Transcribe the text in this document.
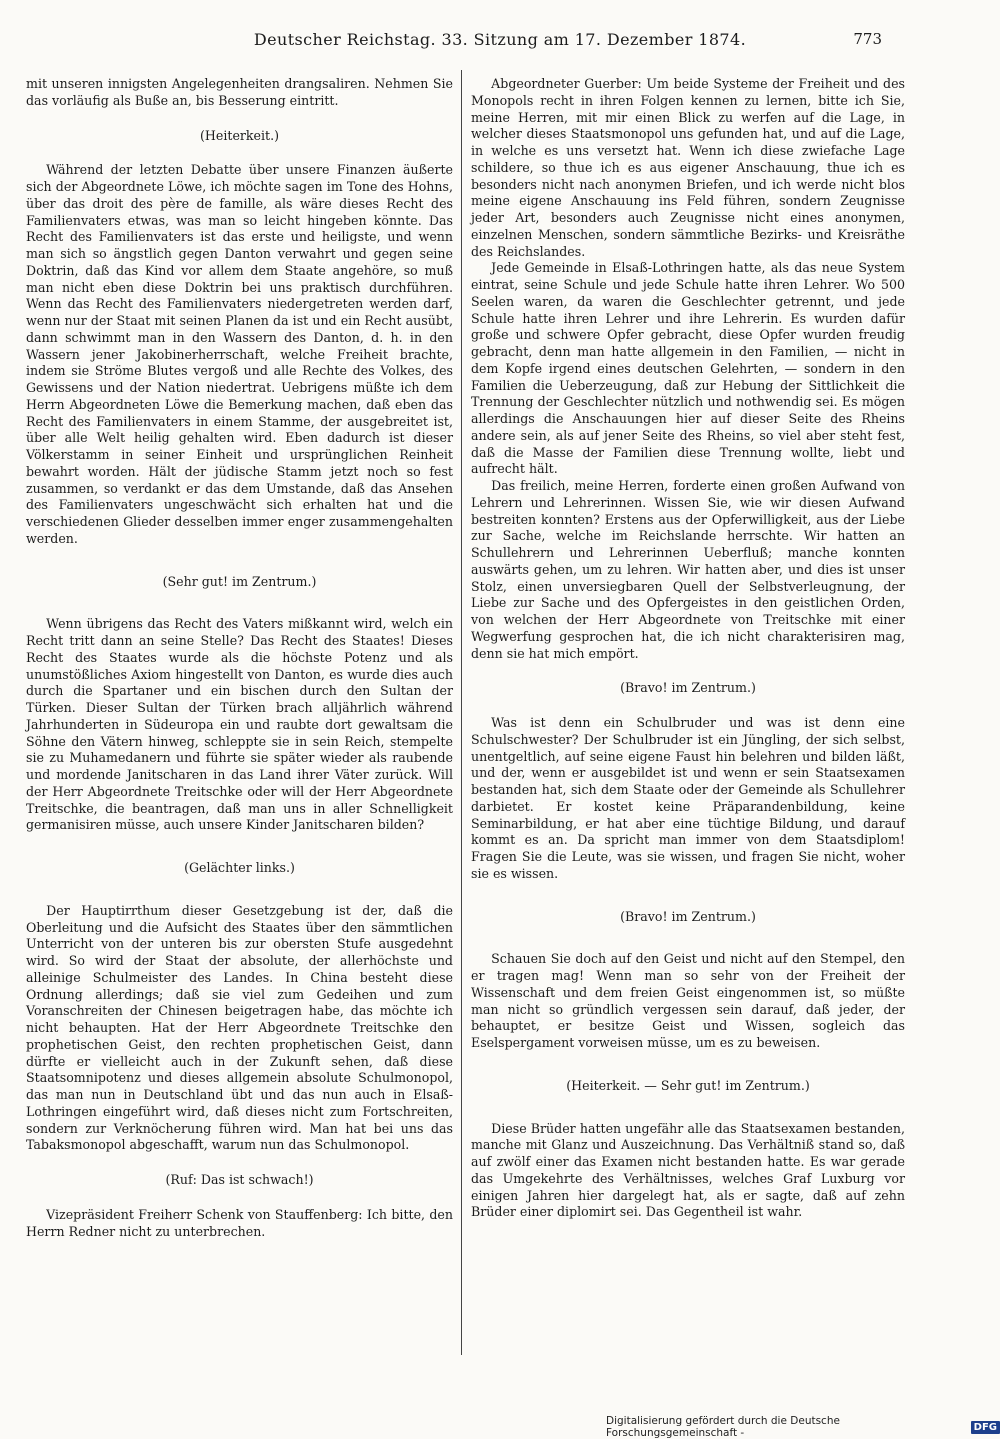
Deutscher Reichstag. 33. Sitzung am 17. Dezember 1874.	773

mit unseren innigsten Angelegenheiten drangsaliren. Nehmen Sie das vorläufig als Buße an, bis Besserung eintritt.

(Heiterkeit.)

Während der letzten Debatte über unsere Finanzen äußerte sich der Abgeordnete Löwe, ich möchte sagen im Tone des Hohns, über das droit des père de famille, als wäre dieses Recht des Familienvaters etwas, was man so leicht hingeben könnte. Das Recht des Familienvaters ist das erste und heiligste, und wenn man sich so ängstlich gegen Danton verwahrt und gegen seine Doktrin, daß das Kind vor allem dem Staate angehöre, so muß man nicht eben diese Doktrin bei uns praktisch durchführen. Wenn das Recht des Familienvaters niedergetreten werden darf, wenn nur der Staat mit seinen Planen da ist und ein Recht ausübt, dann schwimmt man in den Wassern des Danton, d. h. in den Wassern jener Jakobinerherrschaft, welche Freiheit brachte, indem sie Ströme Blutes vergoß und alle Rechte des Volkes, des Gewissens und der Nation niedertrat. Uebrigens müßte ich dem Herrn Abgeordneten Löwe die Bemerkung machen, daß eben das Recht des Familienvaters in einem Stamme, der ausgebreitet ist, über alle Welt heilig gehalten wird. Eben dadurch ist dieser Völkerstamm in seiner Einheit und ursprünglichen Reinheit bewahrt worden. Hält der jüdische Stamm jetzt noch so fest zusammen, so verdankt er das dem Umstande, daß das Ansehen des Familienvaters ungeschwächt sich erhalten hat und die verschiedenen Glieder desselben immer enger zusammengehalten werden.

(Sehr gut! im Zentrum.)

Wenn übrigens das Recht des Vaters mißkannt wird, welch ein Recht tritt dann an seine Stelle? Das Recht des Staates! Dieses Recht des Staates wurde als die höchste Potenz und als unumstößliches Axiom hingestellt von Danton, es wurde dies auch durch die Spartaner und ein bischen durch den Sultan der Türken. Dieser Sultan der Türken brach alljährlich während Jahrhunderten in Südeuropa ein und raubte dort gewaltsam die Söhne den Vätern hinweg, schleppte sie in sein Reich, stempelte sie zu Muhamedanern und führte sie später wieder als raubende und mordende Janitscharen in das Land ihrer Väter zurück. Will der Herr Abgeordnete Treitschke oder will der Herr Abgeordnete Treitschke, die beantragen, daß man uns in aller Schnelligkeit germanisiren müsse, auch unsere Kinder Janitscharen bilden?

(Gelächter links.)

Der Hauptirrthum dieser Gesetzgebung ist der, daß die Oberleitung und die Aufsicht des Staates über den sämmtlichen Unterricht von der unteren bis zur obersten Stufe ausgedehnt wird. So wird der Staat der absolute, der allerhöchste und alleinige Schulmeister des Landes. In China besteht diese Ordnung allerdings; daß sie viel zum Gedeihen und zum Voranschreiten der Chinesen beigetragen habe, das möchte ich nicht behaupten. Hat der Herr Abgeordnete Treitschke den prophetischen Geist, den rechten prophetischen Geist, dann dürfte er vielleicht auch in der Zukunft sehen, daß diese Staatsomnipotenz und dieses allgemein absolute Schulmonopol, das man nun in Deutschland übt und das nun auch in Elsaß-Lothringen eingeführt wird, daß dieses nicht zum Fortschreiten, sondern zur Verknöcherung führen wird. Man hat bei uns das Tabaksmonopol abgeschafft, warum nun das Schulmonopol.

(Ruf: Das ist schwach!)

Vizepräsident Freiherr Schenk von Stauffenberg: Ich bitte, den Herrn Redner nicht zu unterbrechen.

Abgeordneter Guerber: Um beide Systeme der Freiheit und des Monopols recht in ihren Folgen kennen zu lernen, bitte ich Sie, meine Herren, mit mir einen Blick zu werfen auf die Lage, in welcher dieses Staatsmonopol uns gefunden hat, und auf die Lage, in welche es uns versetzt hat. Wenn ich diese zwiefache Lage schildere, so thue ich es aus eigener Anschauung, thue ich es besonders nicht nach anonymen Briefen, und ich werde nicht blos meine eigene Anschauung ins Feld führen, sondern Zeugnisse jeder Art, besonders auch Zeugnisse nicht eines anonymen, einzelnen Menschen, sondern sämmtliche Bezirks- und Kreisräthe des Reichslandes.

Jede Gemeinde in Elsaß-Lothringen hatte, als das neue System eintrat, seine Schule und jede Schule hatte ihren Lehrer. Wo 500 Seelen waren, da waren die Geschlechter getrennt, und jede Schule hatte ihren Lehrer und ihre Lehrerin. Es wurden dafür große und schwere Opfer gebracht, diese Opfer wurden freudig gebracht, denn man hatte allgemein in den Familien, — nicht in dem Kopfe irgend eines deutschen Gelehrten, — sondern in den Familien die Ueberzeugung, daß zur Hebung der Sittlichkeit die Trennung der Geschlechter nützlich und nothwendig sei. Es mögen allerdings die Anschauungen hier auf dieser Seite des Rheins andere sein, als auf jener Seite des Rheins, so viel aber steht fest, daß die Masse der Familien diese Trennung wollte, liebt und aufrecht hält.

Das freilich, meine Herren, forderte einen großen Aufwand von Lehrern und Lehrerinnen. Wissen Sie, wie wir diesen Aufwand bestreiten konnten? Erstens aus der Opferwilligkeit, aus der Liebe zur Sache, welche im Reichslande herrschte. Wir hatten an Schullehrern und Lehrerinnen Ueberfluß; manche konnten auswärts gehen, um zu lehren. Wir hatten aber, und dies ist unser Stolz, einen unversiegbaren Quell der Selbstverleugnung, der Liebe zur Sache und des Opfergeistes in den geistlichen Orden, von welchen der Herr Abgeordnete von Treitschke mit einer Wegwerfung gesprochen hat, die ich nicht charakterisiren mag, denn sie hat mich empört.

(Bravo! im Zentrum.)

Was ist denn ein Schulbruder und was ist denn eine Schulschwester? Der Schulbruder ist ein Jüngling, der sich selbst, unentgeltlich, auf seine eigene Faust hin belehren und bilden läßt, und der, wenn er ausgebildet ist und wenn er sein Staatsexamen bestanden hat, sich dem Staate oder der Gemeinde als Schullehrer darbietet. Er kostet keine Präparandenbildung, keine Seminarbildung, er hat aber eine tüchtige Bildung, und darauf kommt es an. Da spricht man immer von dem Staatsdiplom! Fragen Sie die Leute, was sie wissen, und fragen Sie nicht, woher sie es wissen.

(Bravo! im Zentrum.)

Schauen Sie doch auf den Geist und nicht auf den Stempel, den er tragen mag! Wenn man so sehr von der Freiheit der Wissenschaft und dem freien Geist eingenommen ist, so müßte man nicht so gründlich vergessen sein darauf, daß jeder, der behauptet, er besitze Geist und Wissen, sogleich das Eselspergament vorweisen müsse, um es zu beweisen.

(Heiterkeit. — Sehr gut! im Zentrum.)

Diese Brüder hatten ungefähr alle das Staatsexamen bestanden, manche mit Glanz und Auszeichnung. Das Verhältniß stand so, daß auf zwölf einer das Examen nicht bestanden hatte. Es war gerade das Umgekehrte des Verhältnisses, welches Graf Luxburg vor einigen Jahren hier dargelegt hat, als er sagte, daß auf zehn Brüder einer diplomirt sei. Das Gegentheil ist wahr.

Digitalisierung gefördert durch die Deutsche Forschungsgemeinschaft -	DFG
